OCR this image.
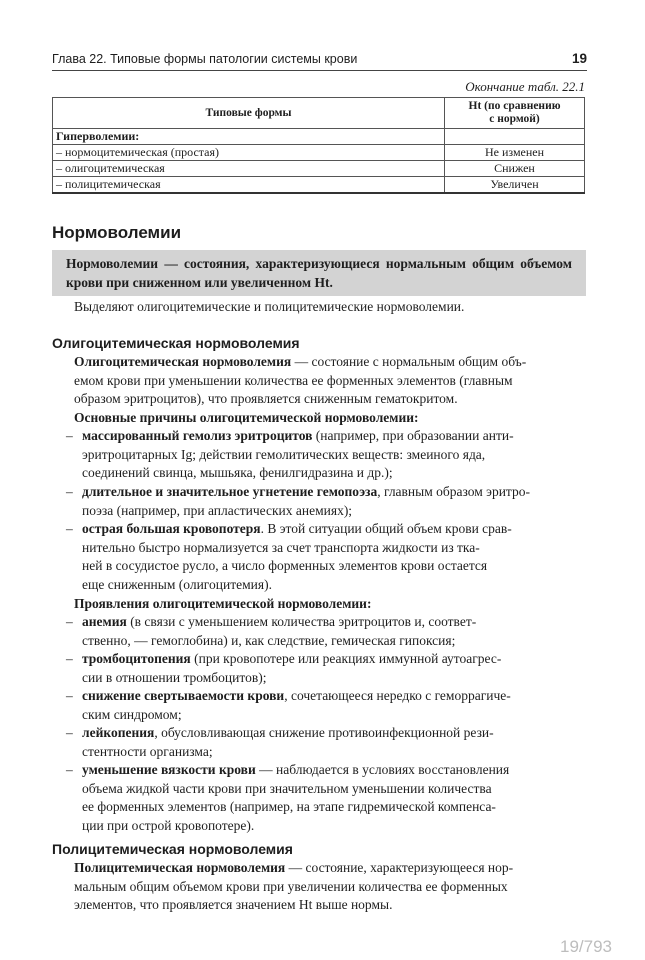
Глава 22. Типовые формы патологии системы крови	19
Окончание табл. 22.1
Типовые формы	Ht (по сравнению
с нормой)

Гиперволемии:	
– нормоцитемическая (простая)	Не изменен
– олигоцитемическая	Снижен
– полицитемическая	Увеличен
Нормоволемии

Нормоволемии — состояния, характеризующиеся нормальным общим объемом крови при сниженном или увеличенном Ht.

Выделяют олигоцитемические и полицитемические нормоволемии.

Олигоцитемическая нормоволемия

Олигоцитемическая нормоволемия — состояние с нормальным общим объ-
емом крови при уменьшении количества ее форменных элементов (главным
образом эритроцитов), что проявляется сниженным гематокритом.

Основные причины олигоцитемической нормоволемии:

– массированный гемолиз эритроцитов (например, при образовании анти-
эритроцитарных Ig; действии гемолитических веществ: змеиного яда,
соединений свинца, мышьяка, фенилгидразина и др.);

– длительное и значительное угнетение гемопоэза, главным образом эритро-
поэза (например, при апластических анемиях);

– острая большая кровопотеря. В этой ситуации общий объем крови срав-
нительно быстро нормализуется за счет транспорта жидкости из тка-
ней в сосудистое русло, а число форменных элементов крови остается
еще сниженным (олигоцитемия).

Проявления олигоцитемической нормоволемии:

– анемия (в связи с уменьшением количества эритроцитов и, соответ-
ственно, — гемоглобина) и, как следствие, гемическая гипоксия;

– тромбоцитопения (при кровопотере или реакциях иммунной аутоагрес-
сии в отношении тромбоцитов);

– снижение свертываемости крови, сочетающееся нередко с геморрагиче-
ским синдромом;

– лейкопения, обусловливающая снижение противоинфекционной рези-
стентности организма;

– уменьшение вязкости крови — наблюдается в условиях восстановления
объема жидкой части крови при значительном уменьшении количества
ее форменных элементов (например, на этапе гидремической компенса-
ции при острой кровопотере).

Полицитемическая нормоволемия

Полицитемическая нормоволемия — состояние, характеризующееся нор-
мальным общим объемом крови при увеличении количества ее форменных
элементов, что проявляется значением Ht выше нормы.

19/793
